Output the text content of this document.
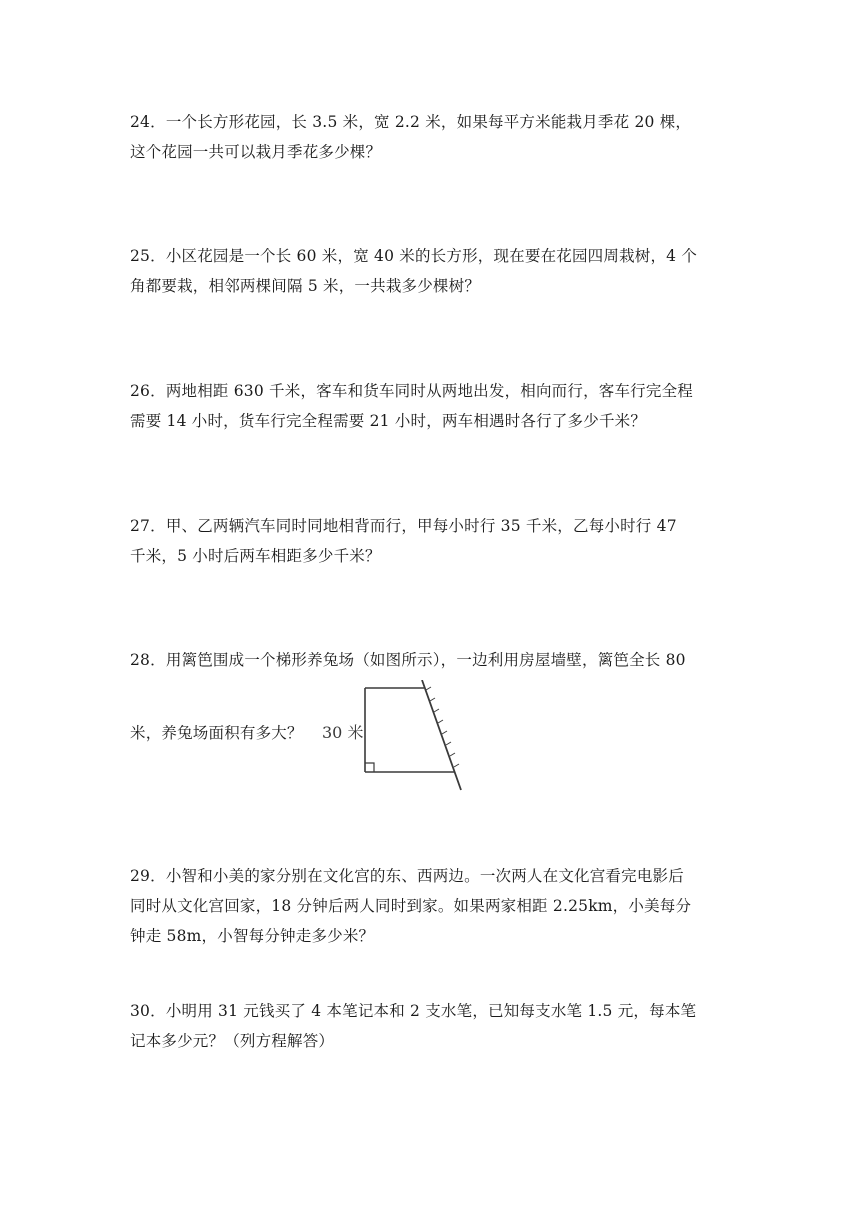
24．一个长方形花园，长 3.5 米，宽 2.2 米，如果每平方米能栽月季花 20 棵，
这个花园一共可以栽月季花多少棵？
25．小区花园是一个长 60 米，宽 40 米的长方形，现在要在花园四周栽树，4 个
角都要栽，相邻两棵间隔 5 米，一共栽多少棵树？
26．两地相距 630 千米，客车和货车同时从两地出发，相向而行，客车行完全程
需要 14 小时，货车行完全程需要 21 小时，两车相遇时各行了多少千米？
27．甲、乙两辆汽车同时同地相背而行，甲每小时行 35 千米，乙每小时行 47
千米，5 小时后两车相距多少千米？
28．用篱笆围成一个梯形养兔场（如图所示），一边利用房屋墙壁，篱笆全长 80
米，养兔场面积有多大？	30 米
29．小智和小美的家分别在文化宫的东、西两边。一次两人在文化宫看完电影后
同时从文化宫回家，18 分钟后两人同时到家。如果两家相距 2.25km，小美每分
钟走 58m，小智每分钟走多少米？
30．小明用 31 元钱买了 4 本笔记本和 2 支水笔，已知每支水笔 1.5 元，每本笔
记本多少元？（列方程解答）
